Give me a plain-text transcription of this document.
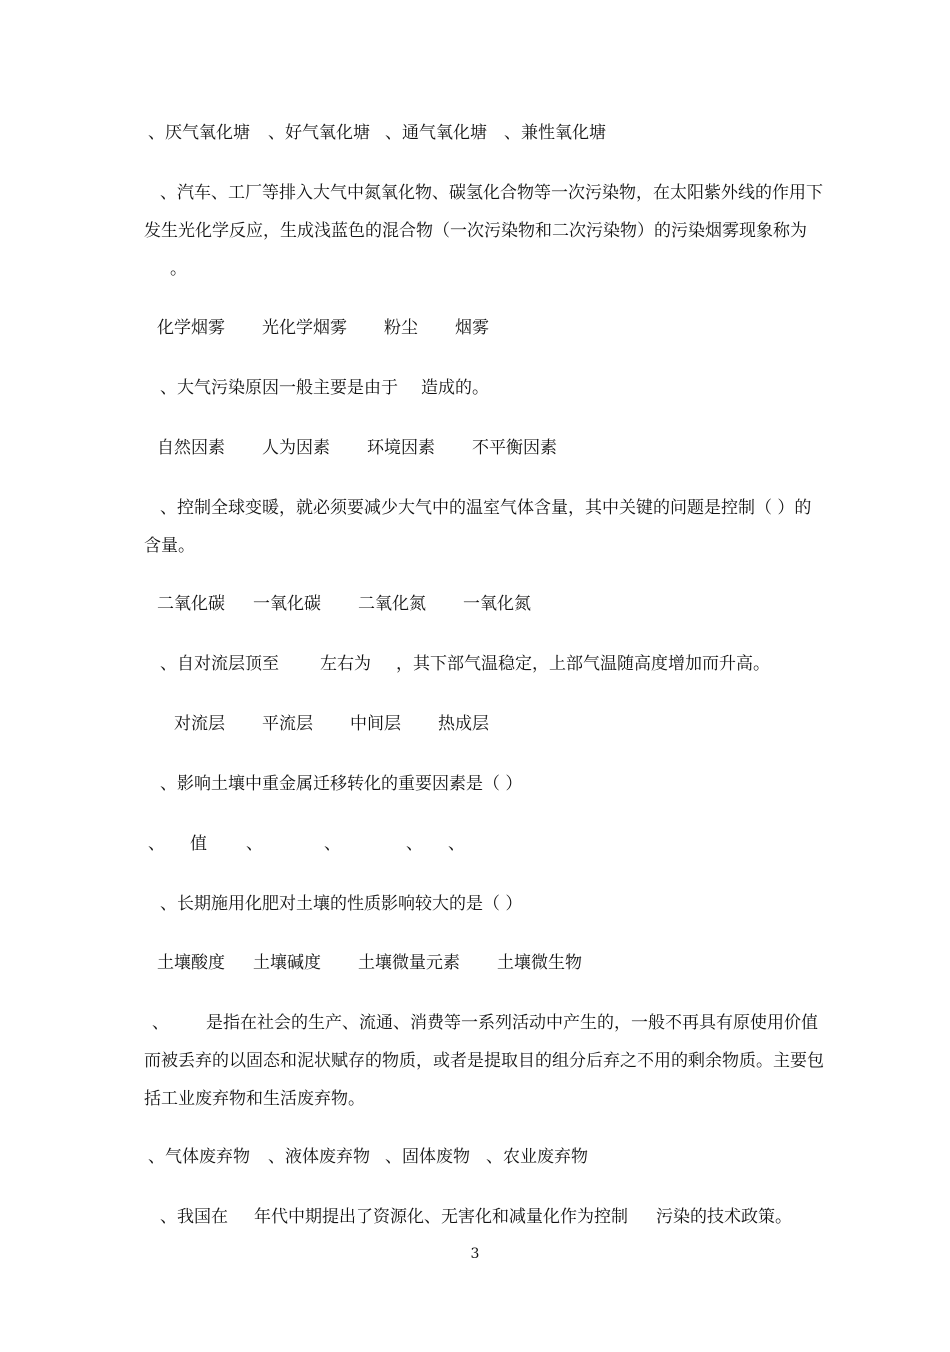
、厌气氧化塘

、好气氧化塘

、通气氧化塘

、兼性氧化塘

、汽车、工厂等排入大气中氮氧化物、碳氢化合物等一次污染物，在太阳紫外线的作用下
发生光化学反应，生成浅蓝色的混合物（一次污染物和二次污染物）的污染烟雾现象称为
。

化学烟雾

光化学烟雾

粉尘

烟雾

、大气污染原因一般主要是由于

造成的。

自然因素

人为因素

环境因素

不平衡因素

、控制全球变暖，就必须要减少大气中的温室气体含量，其中关键的问题是控制（ ）的
含量。

二氧化碳

一氧化碳

二氧化氮

一氧化氮

、自对流层顶至

左右为

，其下部气温稳定，上部气温随高度增加而升高。

对流层

平流层

中间层

热成层

、影响土壤中重金属迁移转化的重要因素是（ ）

、

值

、

	、

	、

、

、长期施用化肥对土壤的性质影响较大的是（ ）

土壤酸度

土壤碱度

土壤微量元素

土壤微生物

、 是指在社会的生产、流通、消费等一系列活动中产生的，一般不再具有原使用价值
而被丢弃的以固态和泥状赋存的物质，或者是提取目的组分后弃之不用的剩余物质。主要包
括工业废弃物和生活废弃物。

、气体废弃物

、液体废弃物

、固体废物

、农业废弃物

、我国在

年代中期提出了资源化、无害化和减量化作为控制

污染的技术政策。

3
